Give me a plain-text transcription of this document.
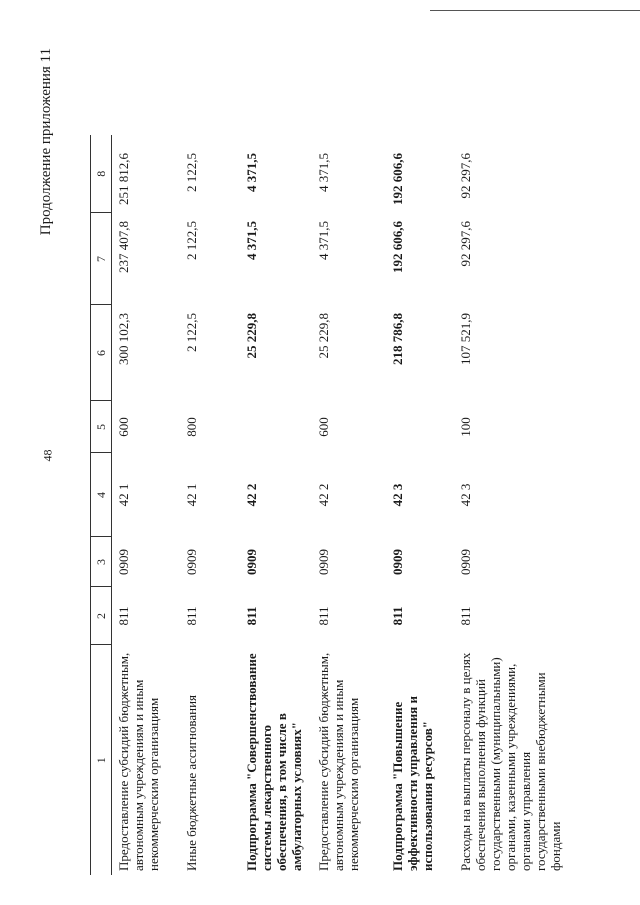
48
Продолжение приложения 11
1	2	3	4	5	6	7	8
Предоставление субсидий бюджетным, автономным учреждениям и иным некоммерческим организациям	811	0909	42 1	600	300 102,3	237 407,8	251 812,6
Иные бюджетные ассигнования	811	0909	42 1	800	2 122,5	2 122,5	2 122,5
Подпрограмма "Совершенствование системы лекарственного обеспечения, в том числе в амбулаторных условиях"	811	0909	42 2		25 229,8	4 371,5	4 371,5
Предоставление субсидий бюджетным, автономным учреждениям и иным некоммерческим организациям	811	0909	42 2	600	25 229,8	4 371,5	4 371,5
Подпрограмма "Повышение эффективности управления и использования ресурсов"	811	0909	42 3		218 786,8	192 606,6	192 606,6
Расходы на выплаты персоналу в целях обеспечения выполнения функций государственными (муниципальными) органами, казенными учреждениями, органами управления государственными внебюджетными фондами	811	0909	42 3	100	107 521,9	92 297,6	92 297,6
